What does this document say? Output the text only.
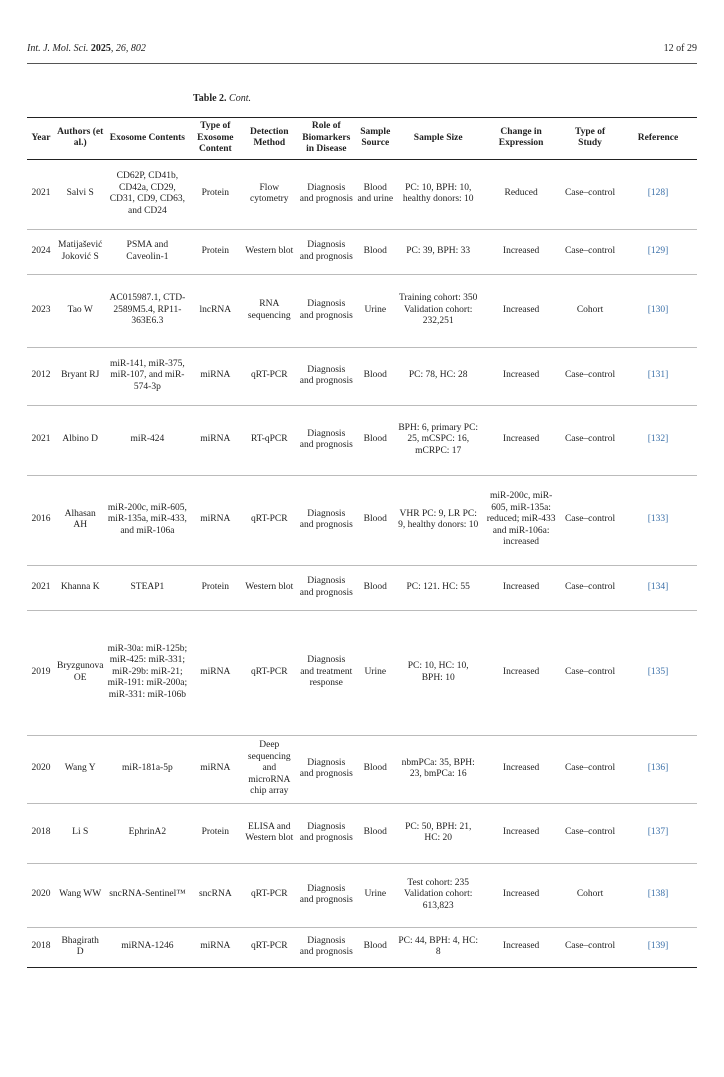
Int. J. Mol. Sci. 2025, 26, 802	12 of 29
Table 2. Cont.
Year	Authors (et al.)	Exosome Contents	Type of Exosome Content	Detection Method	Role of Biomarkers in Disease	Sample Source	Sample Size	Change in Expression	Type of Study	Reference
2021	Salvi S	CD62P, CD41b, CD42a, CD29, CD31, CD9, CD63, and CD24	Protein	Flow cytometry	Diagnosis and prognosis	Blood and urine	PC: 10, BPH: 10, healthy donors: 10	Reduced	Case–control	[128]
2024	Matijašević Joković S	PSMA and Caveolin-1	Protein	Western blot	Diagnosis and prognosis	Blood	PC: 39, BPH: 33	Increased	Case–control	[129]
2023	Tao W	AC015987.1, CTD-2589M5.4, RP11-363E6.3	lncRNA	RNA sequencing	Diagnosis and prognosis	Urine	Training cohort: 350 Validation cohort: 232,251	Increased	Cohort	[130]
2012	Bryant RJ	miR-141, miR-375, miR-107, and miR-574-3p	miRNA	qRT-PCR	Diagnosis and prognosis	Blood	PC: 78, HC: 28	Increased	Case–control	[131]
2021	Albino D	miR-424	miRNA	RT-qPCR	Diagnosis and prognosis	Blood	BPH: 6, primary PC: 25, mCSPC: 16, mCRPC: 17	Increased	Case–control	[132]
2016	Alhasan AH	miR-200c, miR-605, miR-135a, miR-433, and miR-106a	miRNA	qRT-PCR	Diagnosis and prognosis	Blood	VHR PC: 9, LR PC: 9, healthy donors: 10	miR-200c, miR-605, miR-135a: reduced; miR-433 and miR-106a: increased	Case–control	[133]
2021	Khanna K	STEAP1	Protein	Western blot	Diagnosis and prognosis	Blood	PC: 121. HC: 55	Increased	Case–control	[134]
2019	Bryzgunova OE	miR-30a: miR-125b; miR-425: miR-331; miR-29b: miR-21; miR-191: miR-200a; miR-331: miR-106b	miRNA	qRT-PCR	Diagnosis and treatment response	Urine	PC: 10, HC: 10, BPH: 10	Increased	Case–control	[135]
2020	Wang Y	miR-181a-5p	miRNA	Deep sequencing and microRNA chip array	Diagnosis and prognosis	Blood	nbmPCa: 35, BPH: 23, bmPCa: 16	Increased	Case–control	[136]
2018	Li S	EphrinA2	Protein	ELISA and Western blot	Diagnosis and prognosis	Blood	PC: 50, BPH: 21, HC: 20	Increased	Case–control	[137]
2020	Wang WW	sncRNA-Sentinel™	sncRNA	qRT-PCR	Diagnosis and prognosis	Urine	Test cohort: 235 Validation cohort: 613,823	Increased	Cohort	[138]
2018	Bhagirath D	miRNA-1246	miRNA	qRT-PCR	Diagnosis and prognosis	Blood	PC: 44, BPH: 4, HC: 8	Increased	Case–control	[139]
